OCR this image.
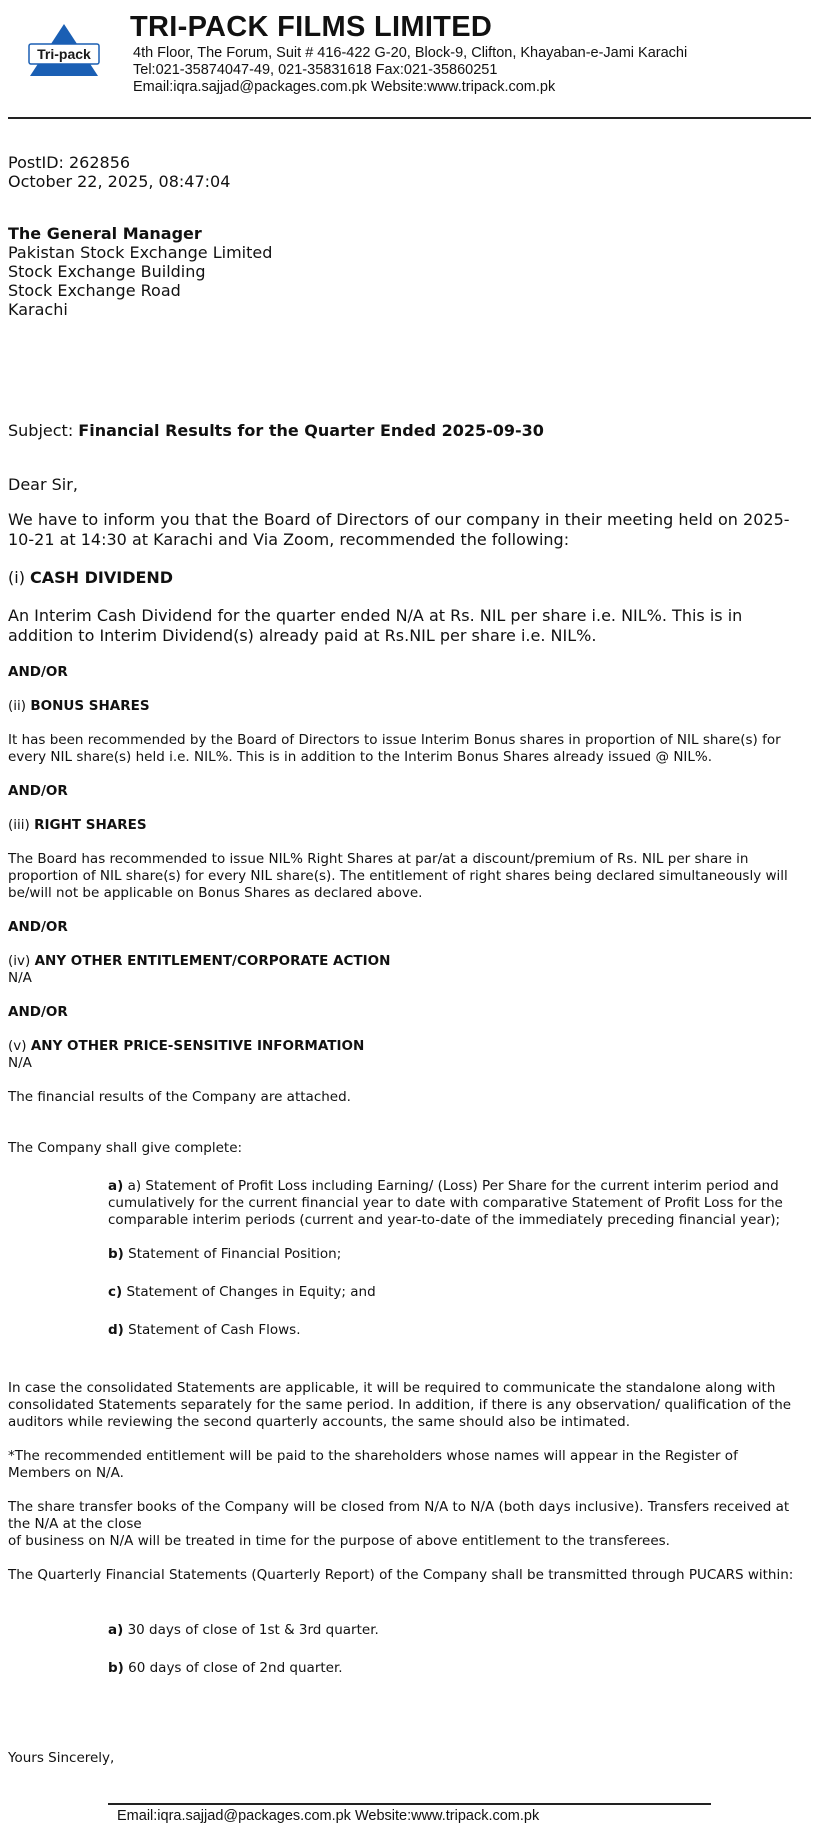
Tri-pack
TRI-PACK FILMS LIMITED
4th Floor, The Forum, Suit # 416-422 G-20, Block-9, Clifton, Khayaban-e-Jami Karachi
Tel:021-35874047-49, 021-35831618 Fax:021-35860251
Email:iqra.sajjad@packages.com.pk Website:www.tripack.com.pk
PostID: 262856
October 22, 2025, 08:47:04
The General Manager
Pakistan Stock Exchange Limited
Stock Exchange Building
Stock Exchange Road
Karachi
Subject: Financial Results for the Quarter Ended 2025-09-30
Dear Sir,
We have to inform you that the Board of Directors of our company in their meeting held on 2025-10-21 at 14:30 at Karachi and Via Zoom, recommended the following:
(i) CASH DIVIDEND
An Interim Cash Dividend for the quarter ended N/A at Rs. NIL per share i.e. NIL%. This is in addition to Interim Dividend(s) already paid at Rs.NIL per share i.e. NIL%.
AND/OR
(ii) BONUS SHARES
It has been recommended by the Board of Directors to issue Interim Bonus shares in proportion of NIL share(s) for every NIL share(s) held i.e. NIL%. This is in addition to the Interim Bonus Shares already issued @ NIL%.
AND/OR
(iii) RIGHT SHARES
The Board has recommended to issue NIL% Right Shares at par/at a discount/premium of Rs. NIL per share in proportion of NIL share(s) for every NIL share(s). The entitlement of right shares being declared simultaneously will be/will not be applicable on Bonus Shares as declared above.
AND/OR
(iv) ANY OTHER ENTITLEMENT/CORPORATE ACTION
N/A
AND/OR
(v) ANY OTHER PRICE-SENSITIVE INFORMATION
N/A
The financial results of the Company are attached.
The Company shall give complete:
a) a) Statement of Profit Loss including Earning/ (Loss) Per Share for the current interim period and cumulatively for the current financial year to date with comparative Statement of Profit Loss for the comparable interim periods (current and year-to-date of the immediately preceding financial year);
b) Statement of Financial Position;
c) Statement of Changes in Equity; and
d) Statement of Cash Flows.
In case the consolidated Statements are applicable, it will be required to communicate the standalone along with consolidated Statements separately for the same period. In addition, if there is any observation/ qualification of the auditors while reviewing the second quarterly accounts, the same should also be intimated.
*The recommended entitlement will be paid to the shareholders whose names will appear in the Register of Members on N/A.
The share transfer books of the Company will be closed from N/A to N/A (both days inclusive). Transfers received at the N/A at the close
of business on N/A will be treated in time for the purpose of above entitlement to the transferees.
The Quarterly Financial Statements (Quarterly Report) of the Company shall be transmitted through PUCARS within:
a) 30 days of close of 1st & 3rd quarter.
b) 60 days of close of 2nd quarter.
Yours Sincerely,
Email:iqra.sajjad@packages.com.pk Website:www.tripack.com.pk
